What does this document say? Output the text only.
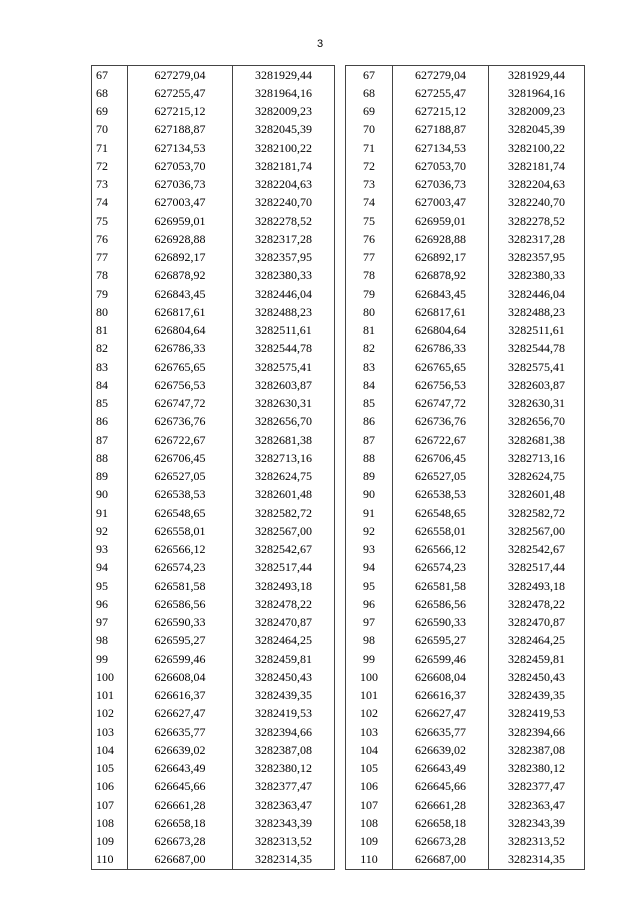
3
67	627279,04	3281929,44
68	627255,47	3281964,16
69	627215,12	3282009,23
70	627188,87	3282045,39
71	627134,53	3282100,22
72	627053,70	3282181,74
73	627036,73	3282204,63
74	627003,47	3282240,70
75	626959,01	3282278,52
76	626928,88	3282317,28
77	626892,17	3282357,95
78	626878,92	3282380,33
79	626843,45	3282446,04
80	626817,61	3282488,23
81	626804,64	3282511,61
82	626786,33	3282544,78
83	626765,65	3282575,41
84	626756,53	3282603,87
85	626747,72	3282630,31
86	626736,76	3282656,70
87	626722,67	3282681,38
88	626706,45	3282713,16
89	626527,05	3282624,75
90	626538,53	3282601,48
91	626548,65	3282582,72
92	626558,01	3282567,00
93	626566,12	3282542,67
94	626574,23	3282517,44
95	626581,58	3282493,18
96	626586,56	3282478,22
97	626590,33	3282470,87
98	626595,27	3282464,25
99	626599,46	3282459,81
100	626608,04	3282450,43
101	626616,37	3282439,35
102	626627,47	3282419,53
103	626635,77	3282394,66
104	626639,02	3282387,08
105	626643,49	3282380,12
106	626645,66	3282377,47
107	626661,28	3282363,47
108	626658,18	3282343,39
109	626673,28	3282313,52
110	626687,00	3282314,35
67	627279,04	3281929,44
68	627255,47	3281964,16
69	627215,12	3282009,23
70	627188,87	3282045,39
71	627134,53	3282100,22
72	627053,70	3282181,74
73	627036,73	3282204,63
74	627003,47	3282240,70
75	626959,01	3282278,52
76	626928,88	3282317,28
77	626892,17	3282357,95
78	626878,92	3282380,33
79	626843,45	3282446,04
80	626817,61	3282488,23
81	626804,64	3282511,61
82	626786,33	3282544,78
83	626765,65	3282575,41
84	626756,53	3282603,87
85	626747,72	3282630,31
86	626736,76	3282656,70
87	626722,67	3282681,38
88	626706,45	3282713,16
89	626527,05	3282624,75
90	626538,53	3282601,48
91	626548,65	3282582,72
92	626558,01	3282567,00
93	626566,12	3282542,67
94	626574,23	3282517,44
95	626581,58	3282493,18
96	626586,56	3282478,22
97	626590,33	3282470,87
98	626595,27	3282464,25
99	626599,46	3282459,81
100	626608,04	3282450,43
101	626616,37	3282439,35
102	626627,47	3282419,53
103	626635,77	3282394,66
104	626639,02	3282387,08
105	626643,49	3282380,12
106	626645,66	3282377,47
107	626661,28	3282363,47
108	626658,18	3282343,39
109	626673,28	3282313,52
110	626687,00	3282314,35
